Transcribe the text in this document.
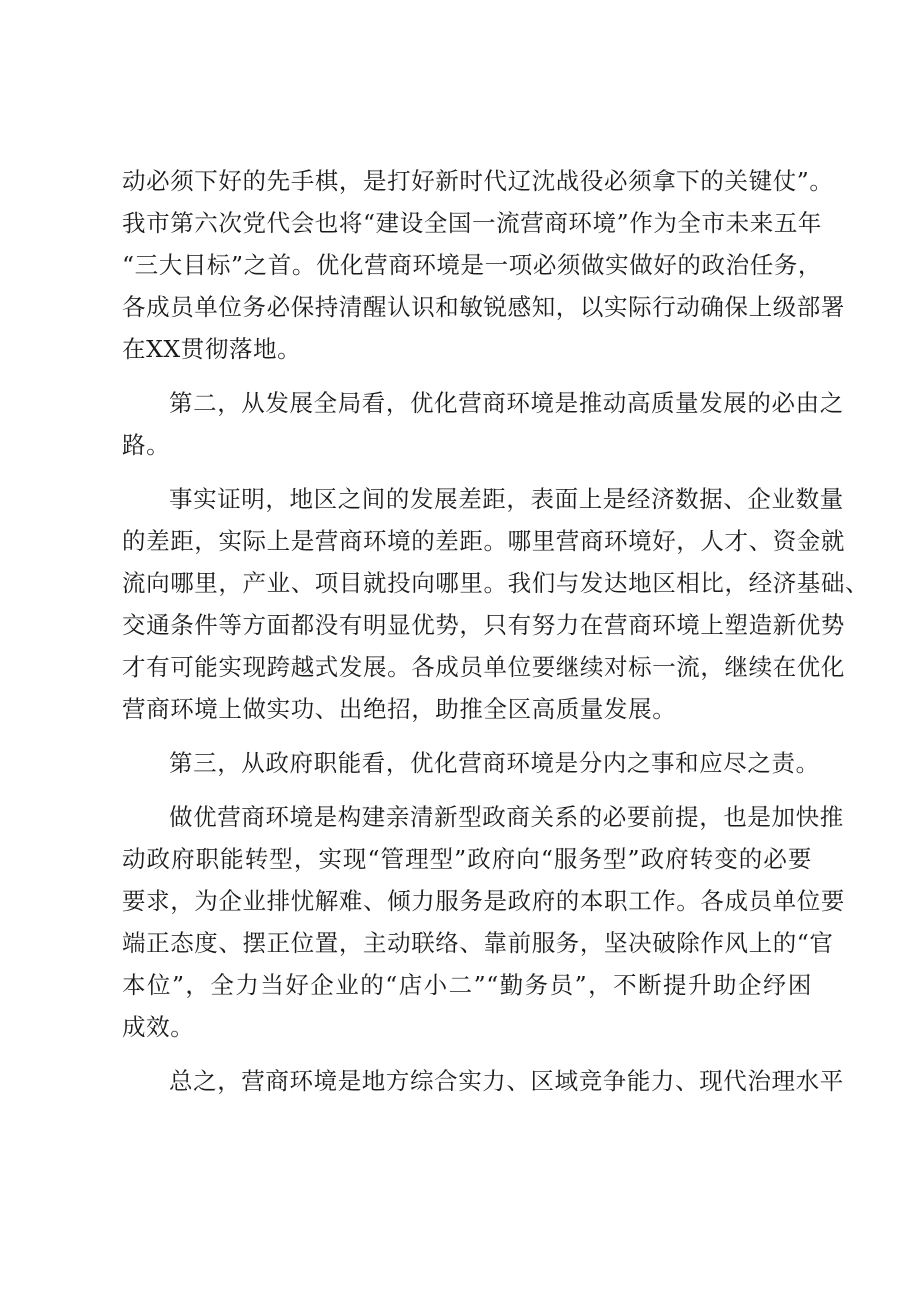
动必须下好的先手棋，是打好新时代辽沈战役必须拿下的关键仗”。
我市第六次党代会也将“建设全国一流营商环境”作为全市未来五年
“三大目标”之首。优化营商环境是一项必须做实做好的政治任务，
各成员单位务必保持清醒认识和敏锐感知，以实际行动确保上级部署
在XX贯彻落地。
第二，从发展全局看，优化营商环境是推动高质量发展的必由之
路。
事实证明，地区之间的发展差距，表面上是经济数据、企业数量
的差距，实际上是营商环境的差距。哪里营商环境好，人才、资金就
流向哪里，产业、项目就投向哪里。我们与发达地区相比，经济基础、
交通条件等方面都没有明显优势，只有努力在营商环境上塑造新优势
才有可能实现跨越式发展。各成员单位要继续对标一流，继续在优化
营商环境上做实功、出绝招，助推全区高质量发展。
第三，从政府职能看，优化营商环境是分内之事和应尽之责。
做优营商环境是构建亲清新型政商关系的必要前提，也是加快推
动政府职能转型，实现“管理型”政府向“服务型”政府转变的必要
要求，为企业排忧解难、倾力服务是政府的本职工作。各成员单位要
端正态度、摆正位置，主动联络、靠前服务，坚决破除作风上的“官
本位”，全力当好企业的“店小二”“勤务员”，不断提升助企纾困
成效。
总之，营商环境是地方综合实力、区域竞争能力、现代治理水平
